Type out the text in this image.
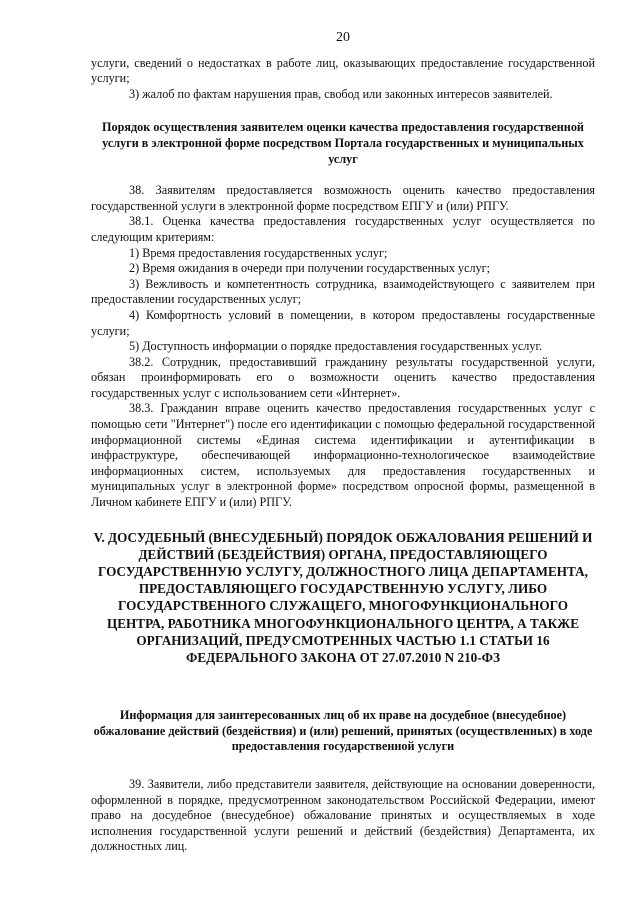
20

услуги, сведений о недостатках в работе лиц, оказывающих предоставление государственной услуги;

3) жалоб по фактам нарушения прав, свобод или законных интересов заявителей.

Порядок осуществления заявителем оценки качества предоставления государственной услуги в электронной форме посредством Портала государственных и муниципальных услуг

38. Заявителям предоставляется возможность оценить качество предоставления государственной услуги в электронной форме посредством ЕПГУ и (или) РПГУ.

38.1. Оценка качества предоставления государственных услуг осуществляется по следующим критериям:

1) Время предоставления государственных услуг;

2) Время ожидания в очереди при получении государственных услуг;

3) Вежливость и компетентность сотрудника, взаимодействующего с заявителем при предоставлении государственных услуг;

4) Комфортность условий в помещении, в котором предоставлены государственные услуги;

5) Доступность информации о порядке предоставления государственных услуг.

38.2. Сотрудник, предоставивший гражданину результаты государственной услуги, обязан проинформировать его о возможности оценить качество предоставления государственных услуг с использованием сети «Интернет».

38.3. Гражданин вправе оценить качество предоставления государственных услуг с помощью сети "Интернет") после его идентификации с помощью федеральной государственной информационной системы «Единая система идентификации и аутентификации в инфраструктуре, обеспечивающей информационно-технологическое взаимодействие информационных систем, используемых для предоставления государственных и муниципальных услуг в электронной форме» посредством опросной формы, размещенной в Личном кабинете ЕПГУ и (или) РПГУ.

V. ДОСУДЕБНЫЙ (ВНЕСУДЕБНЫЙ) ПОРЯДОК ОБЖАЛОВАНИЯ РЕШЕНИЙ И ДЕЙСТВИЙ (БЕЗДЕЙСТВИЯ) ОРГАНА, ПРЕДОСТАВЛЯЮЩЕГО ГОСУДАРСТВЕННУЮ УСЛУГУ, ДОЛЖНОСТНОГО ЛИЦА ДЕПАРТАМЕНТА, ПРЕДОСТАВЛЯЮЩЕГО ГОСУДАРСТВЕННУЮ УСЛУГУ, ЛИБО ГОСУДАРСТВЕННОГО СЛУЖАЩЕГО, МНОГОФУНКЦИОНАЛЬНОГО ЦЕНТРА, РАБОТНИКА МНОГОФУНКЦИОНАЛЬНОГО ЦЕНТРА, А ТАКЖЕ ОРГАНИЗАЦИЙ, ПРЕДУСМОТРЕННЫХ ЧАСТЬЮ 1.1 СТАТЬИ 16 ФЕДЕРАЛЬНОГО ЗАКОНА ОТ 27.07.2010 N 210-ФЗ
Информация для заинтересованных лиц об их праве на досудебное (внесудебное) обжалование действий (бездействия) и (или) решений, принятых (осуществленных) в ходе предоставления государственной услуги

39. Заявители, либо представители заявителя, действующие на основании доверенности, оформленной в порядке, предусмотренном законодательством Российской Федерации, имеют право на досудебное (внесудебное) обжалование принятых и осуществляемых в ходе исполнения государственной услуги решений и действий (бездействия) Департамента, их должностных лиц.
